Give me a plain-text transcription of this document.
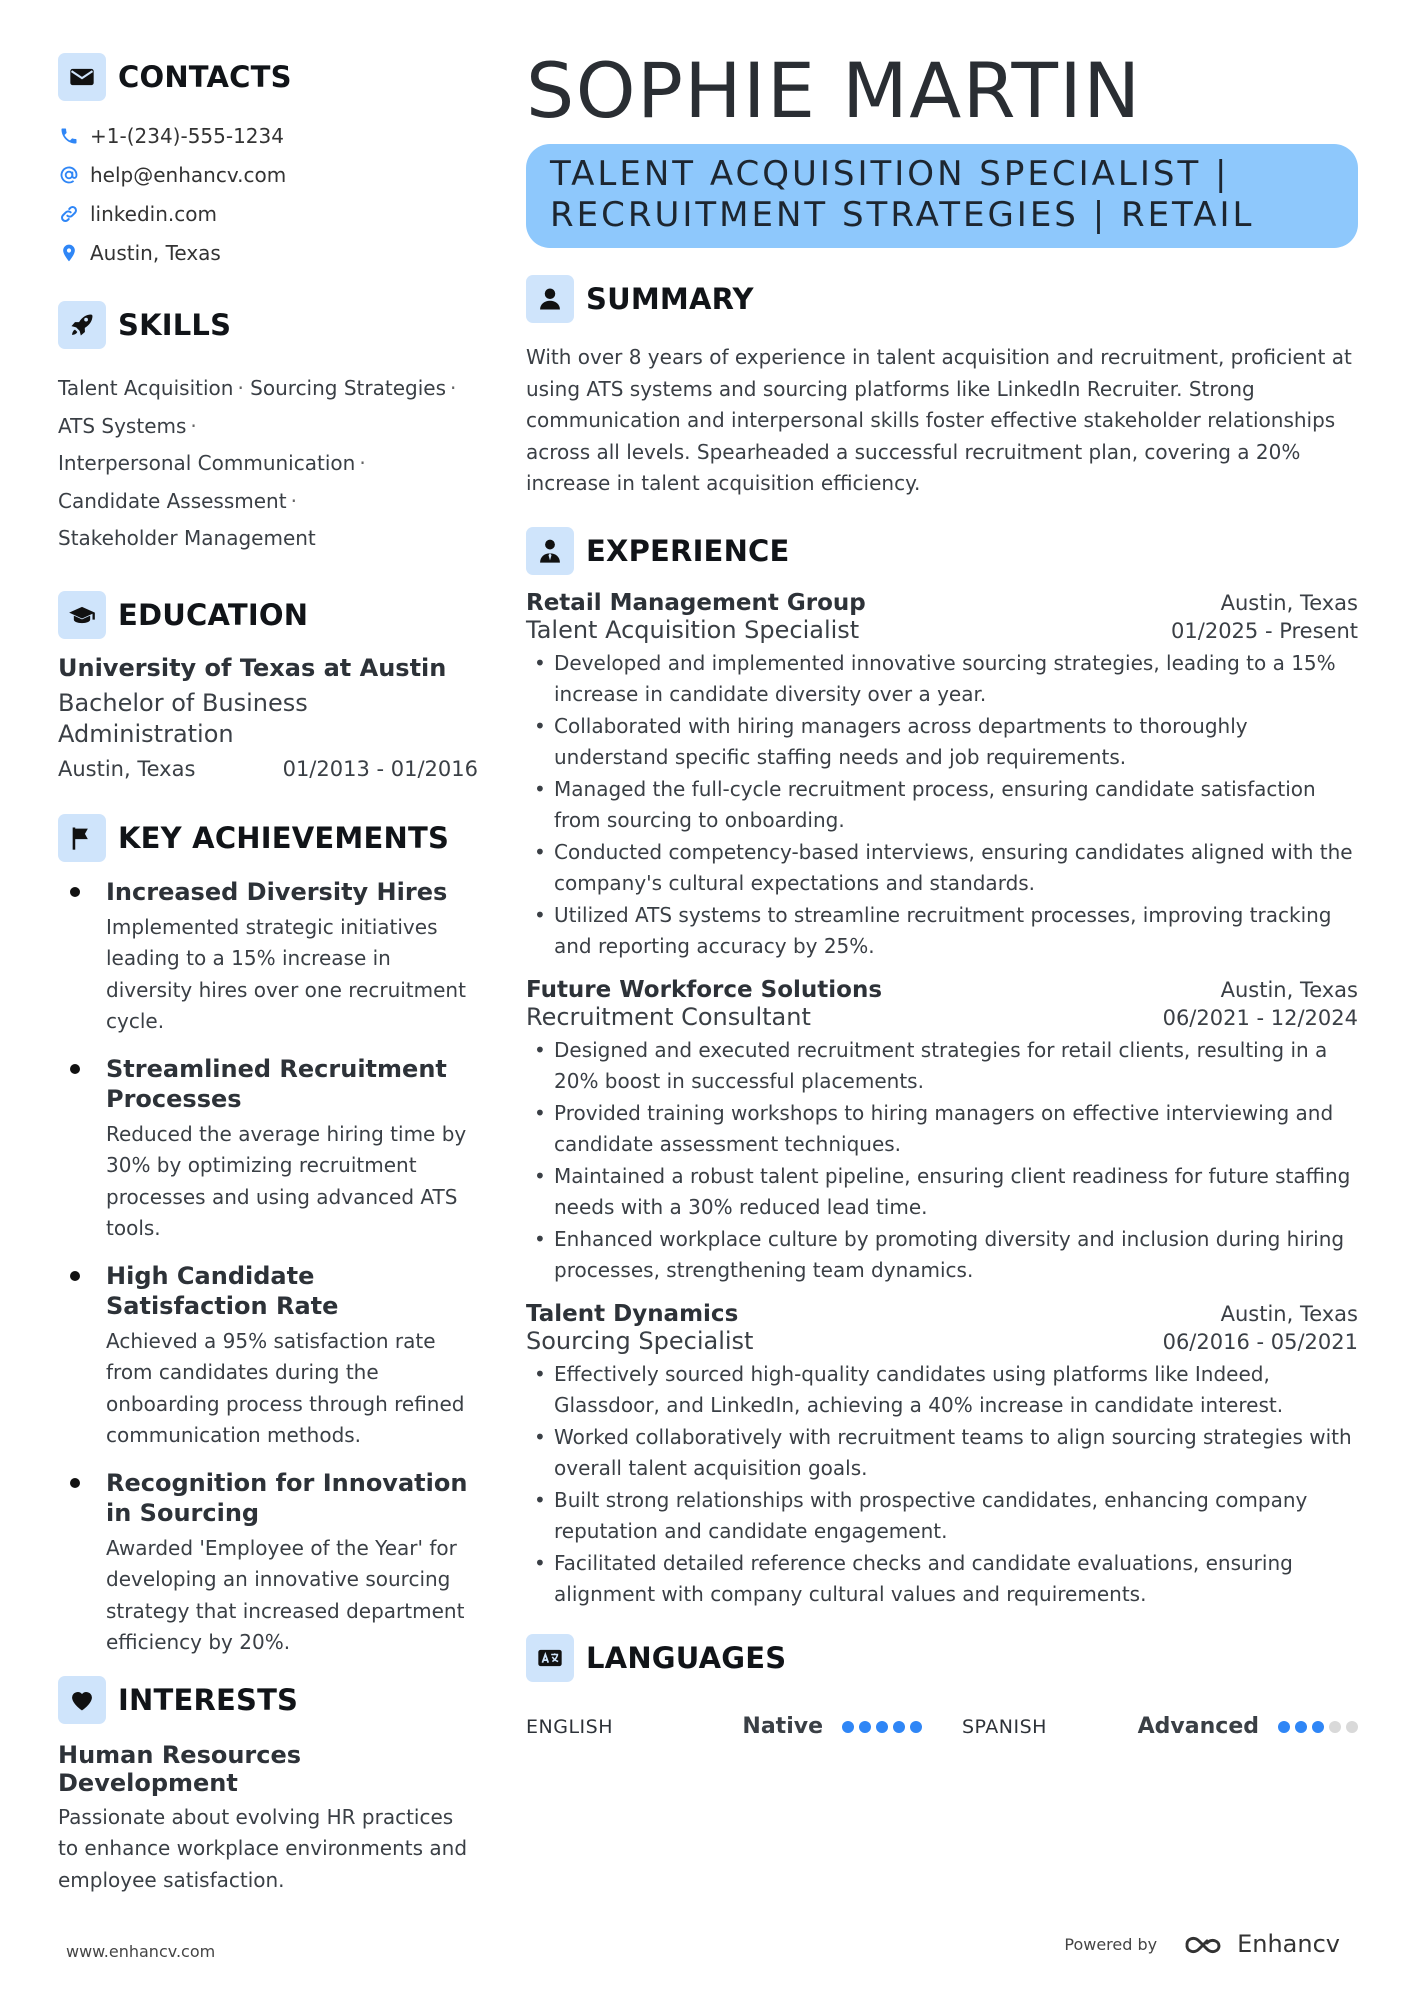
CONTACTS
+1-(234)-555-1234
help@enhancv.com
linkedin.com
Austin, Texas
SKILLS
Talent Acquisition · Sourcing Strategies ·
ATS Systems ·
Interpersonal Communication ·
Candidate Assessment ·
Stakeholder Management
EDUCATION
University of Texas at Austin
Bachelor of Business Administration
Austin, Texas	01/2013 - 01/2016
KEY ACHIEVEMENTS
Increased Diversity Hires
Implemented strategic initiatives leading to a 15% increase in diversity hires over one recruitment cycle.
Streamlined Recruitment Processes
Reduced the average hiring time by 30% by optimizing recruitment processes and using advanced ATS tools.
High Candidate Satisfaction Rate
Achieved a 95% satisfaction rate from candidates during the onboarding process through refined communication methods.
Recognition for Innovation in Sourcing
Awarded 'Employee of the Year' for developing an innovative sourcing strategy that increased department efficiency by 20%.
INTERESTS
Human Resources Development
Passionate about evolving HR practices to enhance workplace environments and employee satisfaction.
SOPHIE MARTIN
TALENT ACQUISITION SPECIALIST | RECRUITMENT STRATEGIES | RETAIL
SUMMARY
With over 8 years of experience in talent acquisition and recruitment, proficient at using ATS systems and sourcing platforms like LinkedIn Recruiter. Strong communication and interpersonal skills foster effective stakeholder relationships across all levels. Spearheaded a successful recruitment plan, covering a 20% increase in talent acquisition efficiency.
EXPERIENCE
Retail Management Group	Austin, Texas
Talent Acquisition Specialist	01/2025 - Present
• Developed and implemented innovative sourcing strategies, leading to a 15% increase in candidate diversity over a year.
• Collaborated with hiring managers across departments to thoroughly understand specific staffing needs and job requirements.
• Managed the full-cycle recruitment process, ensuring candidate satisfaction from sourcing to onboarding.
• Conducted competency-based interviews, ensuring candidates aligned with the company's cultural expectations and standards.
• Utilized ATS systems to streamline recruitment processes, improving tracking and reporting accuracy by 25%.
Future Workforce Solutions	Austin, Texas
Recruitment Consultant	06/2021 - 12/2024
• Designed and executed recruitment strategies for retail clients, resulting in a 20% boost in successful placements.
• Provided training workshops to hiring managers on effective interviewing and candidate assessment techniques.
• Maintained a robust talent pipeline, ensuring client readiness for future staffing needs with a 30% reduced lead time.
• Enhanced workplace culture by promoting diversity and inclusion during hiring processes, strengthening team dynamics.
Talent Dynamics	Austin, Texas
Sourcing Specialist	06/2016 - 05/2021
• Effectively sourced high-quality candidates using platforms like Indeed, Glassdoor, and LinkedIn, achieving a 40% increase in candidate interest.
• Worked collaboratively with recruitment teams to align sourcing strategies with overall talent acquisition goals.
• Built strong relationships with prospective candidates, enhancing company reputation and candidate engagement.
• Facilitated detailed reference checks and candidate evaluations, ensuring alignment with company cultural values and requirements.
LANGUAGES
ENGLISH	Native	SPANISH	Advanced
www.enhancv.com	Powered by	Enhancv
